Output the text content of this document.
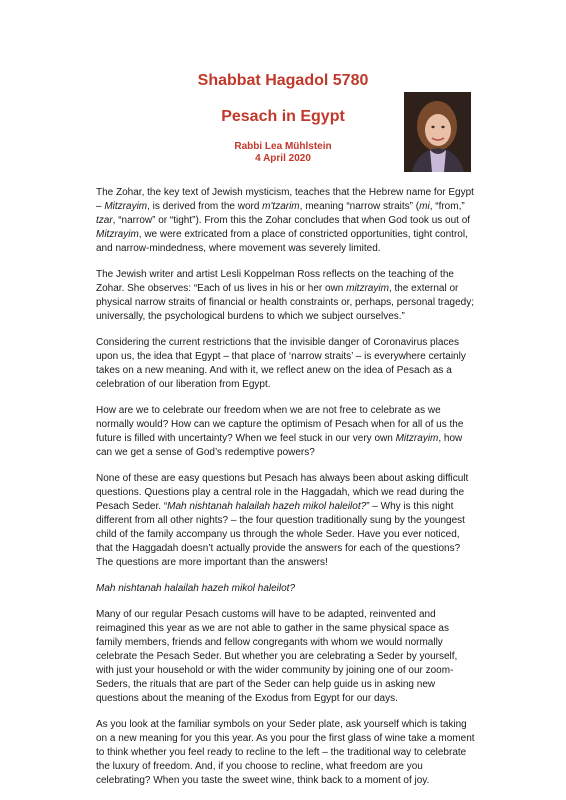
Shabbat Hagadol 5780
Pesach in Egypt
Rabbi Lea Mühlstein
4 April 2020

The Zohar, the key text of Jewish mysticism, teaches that the Hebrew name for Egypt – Mitzrayim, is derived from the word m'tzarim, meaning “narrow straits” (mi, “from,” tzar, “narrow” or “tight”). From this the Zohar concludes that when God took us out of Mitzrayim, we were extricated from a place of constricted opportunities, tight control, and narrow-mindedness, where movement was severely limited.

The Jewish writer and artist Lesli Koppelman Ross reflects on the teaching of the Zohar. She observes: “Each of us lives in his or her own mitzrayim, the external or physical narrow straits of financial or health constraints or, perhaps, personal tragedy; universally, the psychological burdens to which we subject ourselves.”

Considering the current restrictions that the invisible danger of Coronavirus places upon us, the idea that Egypt – that place of ‘narrow straits’ – is everywhere certainly takes on a new meaning. And with it, we reflect anew on the idea of Pesach as a celebration of our liberation from Egypt.

How are we to celebrate our freedom when we are not free to celebrate as we normally would? How can we capture the optimism of Pesach when for all of us the future is filled with uncertainty? When we feel stuck in our very own Mitzrayim, how can we get a sense of God’s redemptive powers?

None of these are easy questions but Pesach has always been about asking difficult questions. Questions play a central role in the Haggadah, which we read during the Pesach Seder. “Mah nishtanah halailah hazeh mikol haleilot?” – Why is this night different from all other nights? – the four question traditionally sung by the youngest child of the family accompany us through the whole Seder. Have you ever noticed, that the Haggadah doesn’t actually provide the answers for each of the questions? The questions are more important than the answers!

Mah nishtanah halailah hazeh mikol haleilot?

Many of our regular Pesach customs will have to be adapted, reinvented and reimagined this year as we are not able to gather in the same physical space as family members, friends and fellow congregants with whom we would normally celebrate the Pesach Seder. But whether you are celebrating a Seder by yourself, with just your household or with the wider community by joining one of our zoom-Seders, the rituals that are part of the Seder can help guide us in asking new questions about the meaning of the Exodus from Egypt for our days.

As you look at the familiar symbols on your Seder plate, ask yourself which is taking on a new meaning for you this year. As you pour the first glass of wine take a moment to think whether you feel ready to recline to the left – the traditional way to celebrate the luxury of freedom. And, if you choose to recline, what freedom are you celebrating? When you taste the sweet wine, think back to a moment of joy.
